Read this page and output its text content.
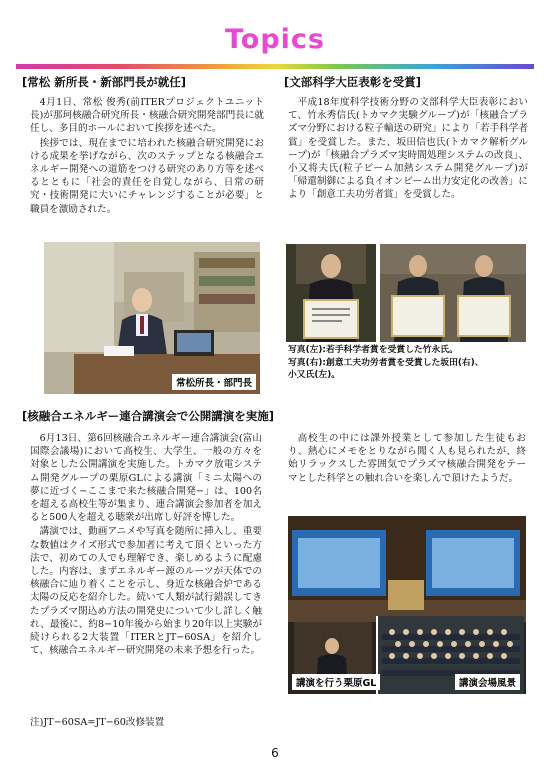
Topics
[常松 新所長・新部門長が就任]

4月1日、常松 俊秀(前ITERプロジェクトユニット長)が那珂核融合研究所長・核融合研究開発部門長に就任し、多目的ホールにおいて挨拶を述べた。

挨拶では、現在までに培われた核融合研究開発における成果を挙げながら、次のステップとなる核融合エネルギー開発への道筋をつける研究のあり方等を述べるとともに「社会的責任を自覚しながら、日常の研究・技術開発に大いにチャレンジすることが必要」と職員を激励された。

常松所長・部門長
[文部科学大臣表彰を受賞]

平成18年度科学技術分野の文部科学大臣表彰において、竹永秀信氏(トカマク実験グループ)が「核融合プラズマ分野における粒子輸送の研究」により「若手科学者賞」を受賞した。また、坂田信也氏(トカマク解析グループ)が「核融合プラズマ実時間処理システムの改良」、小又将夫氏(粒子ビーム加熱システム開発グループ)が「帰還制御による負イオンビーム出力安定化の改善」により「創意工夫功労者賞」を受賞した。

写真(左):若手科学者賞を受賞した竹永氏。
写真(右):創意工夫功労者賞を受賞した坂田(右)、
小又氏(左)。
[核融合エネルギー連合講演会で公開講演を実施]

6月13日、第6回核融合エネルギー連合講演会(富山国際会議場)において高校生、大学生、一般の方々を対象とした公開講演を実施した。トカマク放電システム開発グループの栗原GLによる講演「ミニ太陽への夢に近づく−ここまで来た核融合開発−」は、100名を超える高校生等が集まり、連合講演会参加者を加えると500人を超える聴衆が出席し好評を博した。

講演では、動画アニメや写真を随所に挿入し、重要な数値はクイズ形式で参加者に考えて頂くといった方法で、初めての人でも理解でき、楽しめるように配慮した。内容は、まずエネルギー源のルーツが天体での核融合に辿り着くことを示し、身近な核融合炉である太陽の反応を紹介した。続いて人類が試行錯誤してきたプラズマ閉込め方法の開発史について少し詳しく触れ、最後に、約8−10年後から始まり20年以上実験が続けられる2大装置「ITERとJT−60SA」を紹介して、核融合エネルギー研究開発の未来予想を行った。

高校生の中には課外授業として参加した生徒もおり、熱心にメモをとりながら聞く人も見られたが、終始リラックスした雰囲気でプラズマ核融合開発をテーマとした科学との触れ合いを楽しんで頂けたようだ。

講演を行う栗原GL	講演会場風景
注)JT−60SA=JT−60改修装置
6
